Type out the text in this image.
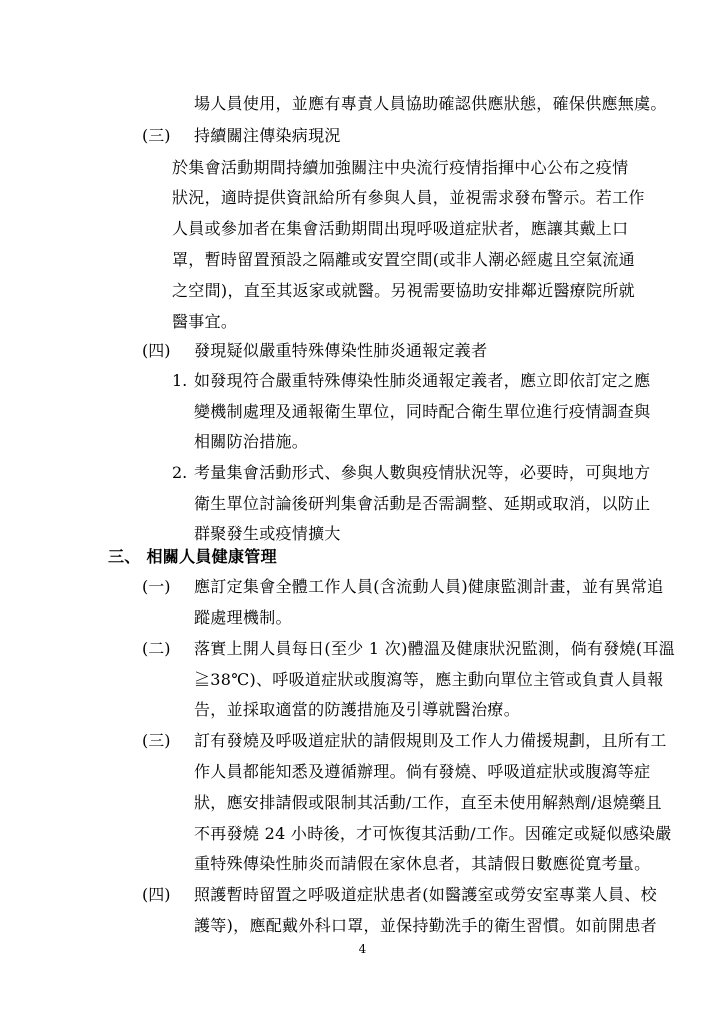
場人員使用，並應有專責人員協助確認供應狀態，確保供應無虞。
(三) 持續關注傳染病現況
於集會活動期間持續加強關注中央流行疫情指揮中心公布之疫情
狀況，適時提供資訊給所有參與人員，並視需求發布警示。若工作
人員或參加者在集會活動期間出現呼吸道症狀者，應讓其戴上口
罩，暫時留置預設之隔離或安置空間(或非人潮必經處且空氣流通
之空間)，直至其返家或就醫。另視需要協助安排鄰近醫療院所就
醫事宜。
(四) 發現疑似嚴重特殊傳染性肺炎通報定義者
1. 如發現符合嚴重特殊傳染性肺炎通報定義者，應立即依訂定之應
變機制處理及通報衛生單位，同時配合衛生單位進行疫情調查與
相關防治措施。
2. 考量集會活動形式、參與人數與疫情狀況等，必要時，可與地方
衛生單位討論後研判集會活動是否需調整、延期或取消，以防止
群聚發生或疫情擴大
三、 相關人員健康管理
(一) 應訂定集會全體工作人員(含流動人員)健康監測計畫，並有異常追
蹤處理機制。
(二) 落實上開人員每日(至少 1 次)體溫及健康狀況監測，倘有發燒(耳溫
≧38℃)、呼吸道症狀或腹瀉等，應主動向單位主管或負責人員報
告，並採取適當的防護措施及引導就醫治療。
(三) 訂有發燒及呼吸道症狀的請假規則及工作人力備援規劃，且所有工
作人員都能知悉及遵循辦理。倘有發燒、呼吸道症狀或腹瀉等症
狀，應安排請假或限制其活動/工作，直至未使用解熱劑/退燒藥且
不再發燒 24 小時後，才可恢復其活動/工作。因確定或疑似感染嚴
重特殊傳染性肺炎而請假在家休息者，其請假日數應從寬考量。
(四) 照護暫時留置之呼吸道症狀患者(如醫護室或勞安室專業人員、校
護等)，應配戴外科口罩，並保持勤洗手的衛生習慣。如前開患者
4
